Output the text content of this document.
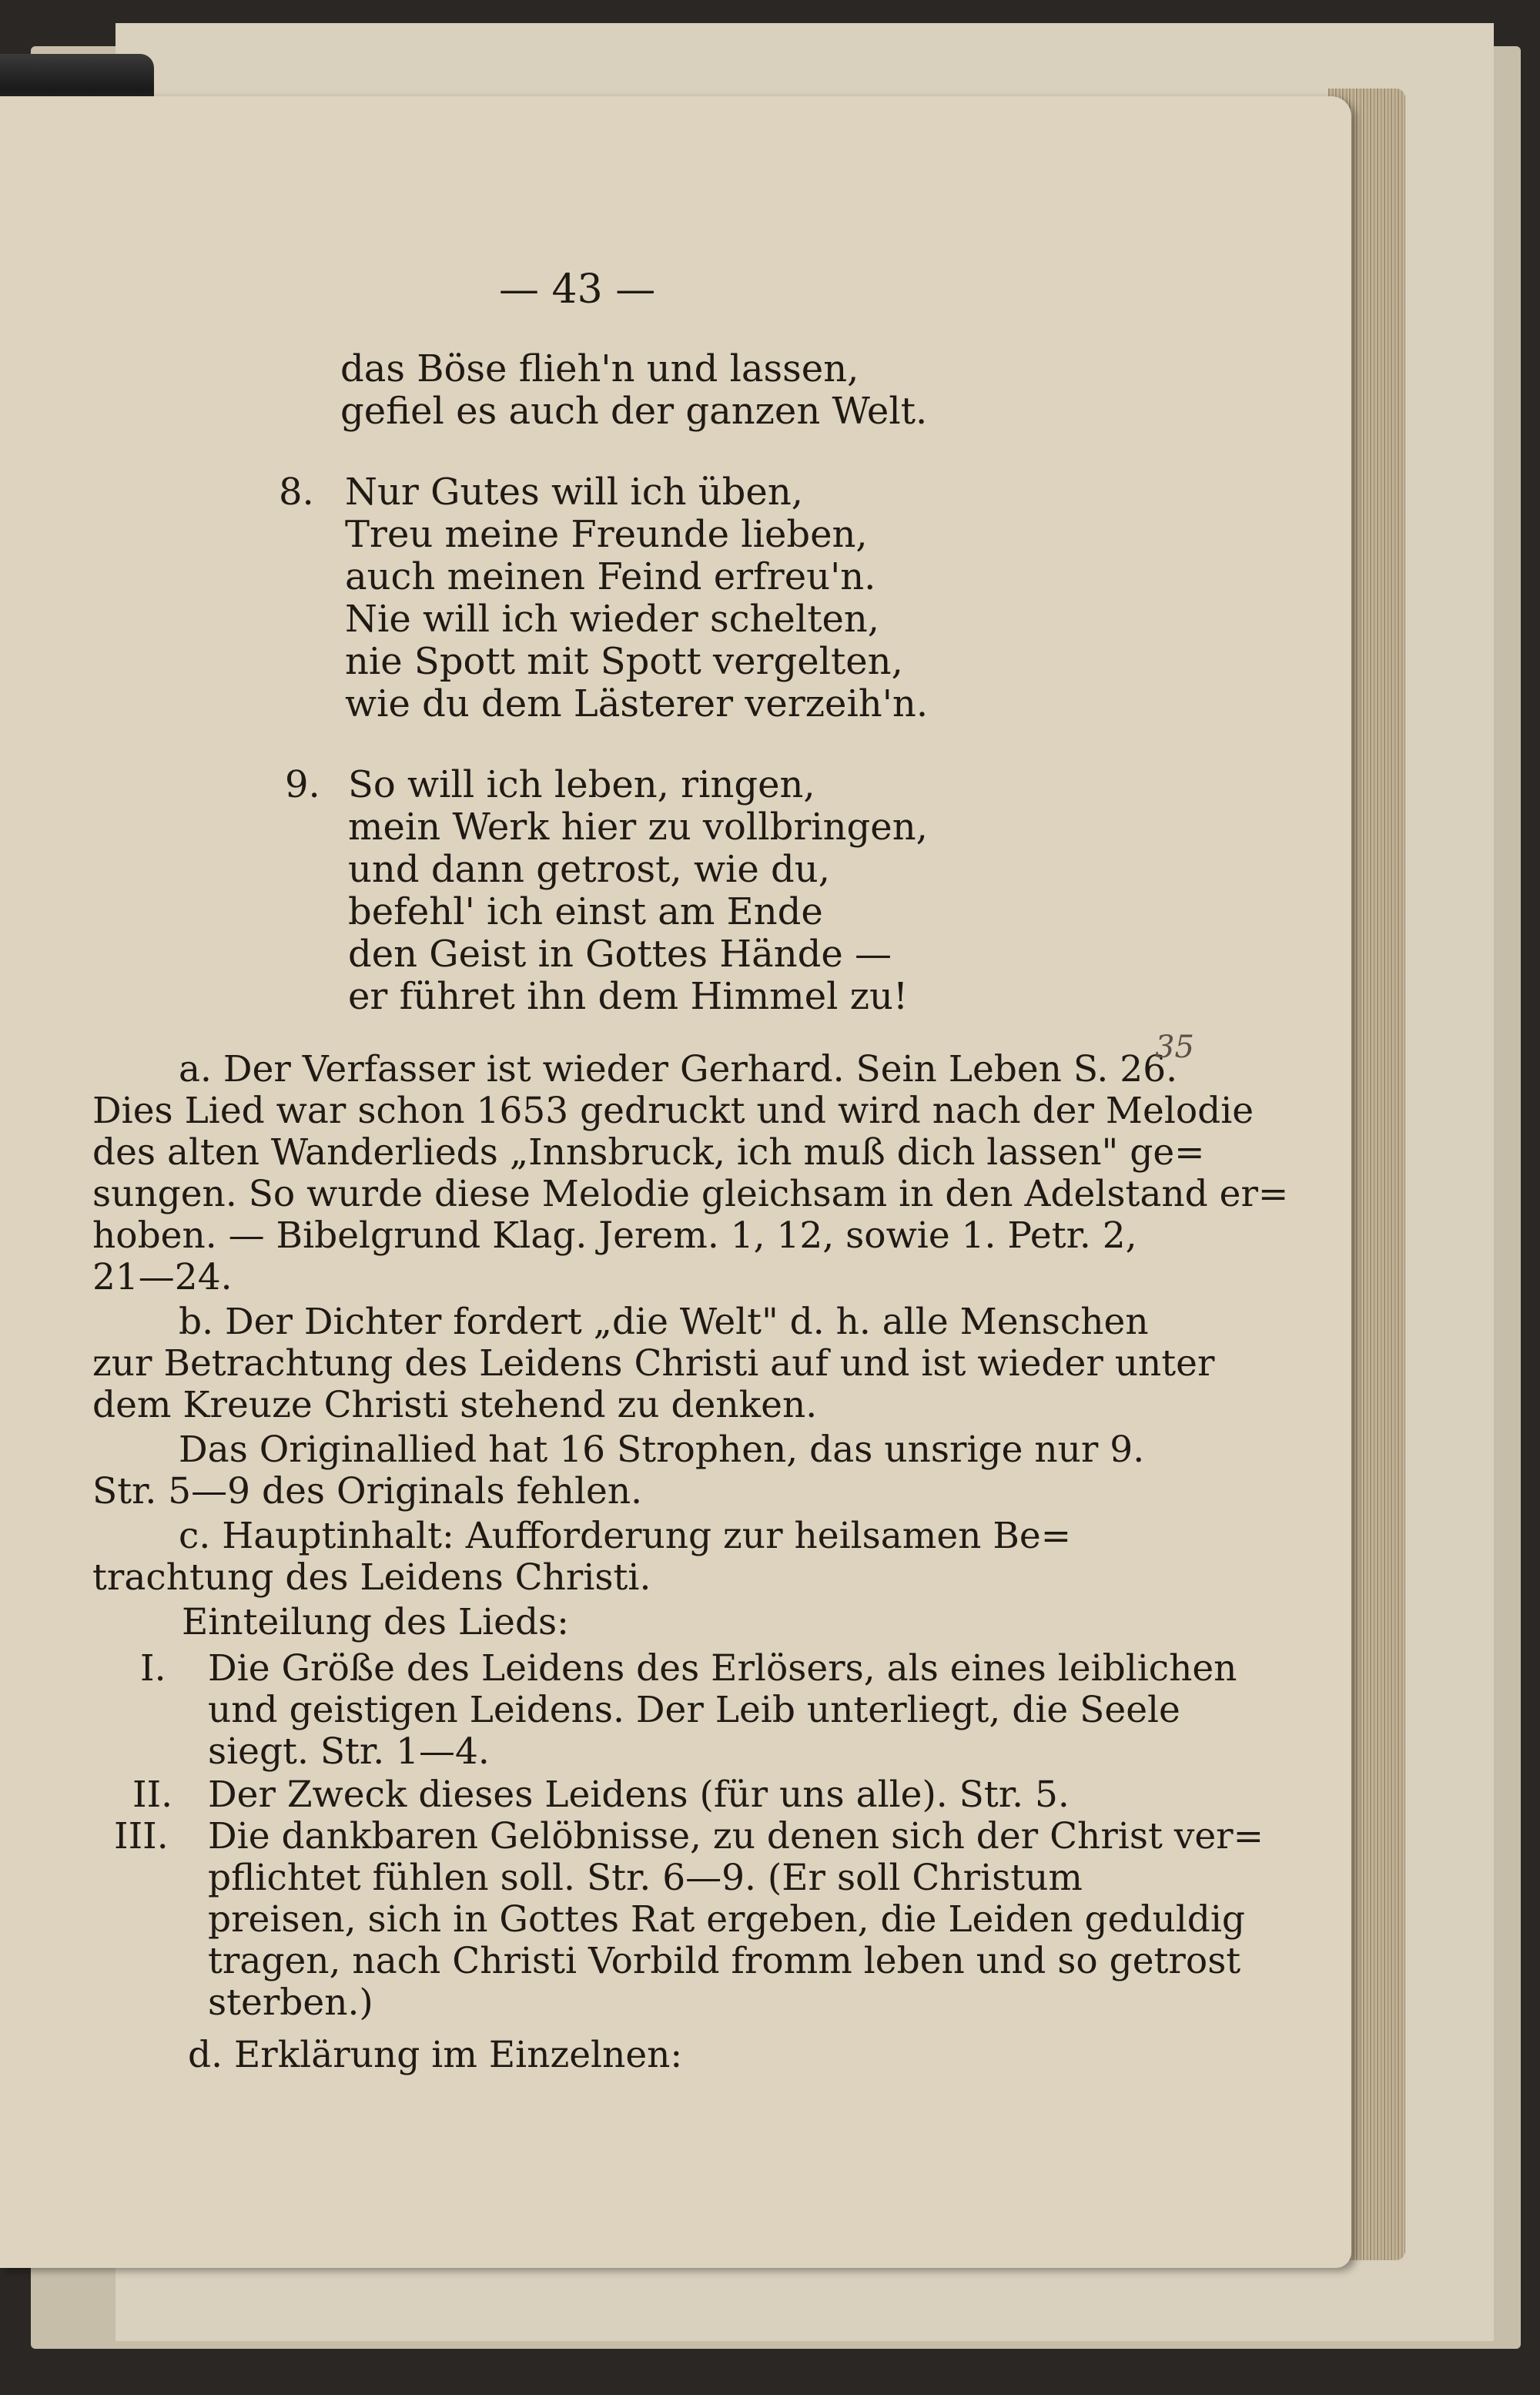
— 43 —
das Böse flieh'n und lassen,
gefiel es auch der ganzen Welt.
8. Nur Gutes will ich üben,
Treu meine Freunde lieben,
auch meinen Feind erfreu'n.
Nie will ich wieder schelten,
nie Spott mit Spott vergelten,
wie du dem Lästerer verzeih'n.
9. So will ich leben, ringen,
mein Werk hier zu vollbringen,
und dann getrost, wie du,
befehl' ich einst am Ende
den Geist in Gottes Hände —
er führet ihn dem Himmel zu!
a. Der Verfasser ist wieder Gerhard. Sein Leben S. 26.
35
Dies Lied war schon 1653 gedruckt und wird nach der Melodie
des alten Wanderlieds „Innsbruck, ich muß dich lassen" ge=
sungen. So wurde diese Melodie gleichsam in den Adelstand er=
hoben. — Bibelgrund Klag. Jerem. 1, 12, sowie 1. Petr. 2,
21—24.
b. Der Dichter fordert „die Welt" d. h. alle Menschen
zur Betrachtung des Leidens Christi auf und ist wieder unter
dem Kreuze Christi stehend zu denken.
Das Originallied hat 16 Strophen, das unsrige nur 9.
Str. 5—9 des Originals fehlen.
c. Hauptinhalt: Aufforderung zur heilsamen Be=
trachtung des Leidens Christi.
Einteilung des Lieds:
I. Die Größe des Leidens des Erlösers, als eines leiblichen
und geistigen Leidens. Der Leib unterliegt, die Seele
siegt. Str. 1—4.
II. Der Zweck dieses Leidens (für uns alle). Str. 5.
III. Die dankbaren Gelöbnisse, zu denen sich der Christ ver=
pflichtet fühlen soll. Str. 6—9. (Er soll Christum
preisen, sich in Gottes Rat ergeben, die Leiden geduldig
tragen, nach Christi Vorbild fromm leben und so getrost
sterben.)
d. Erklärung im Einzelnen:
